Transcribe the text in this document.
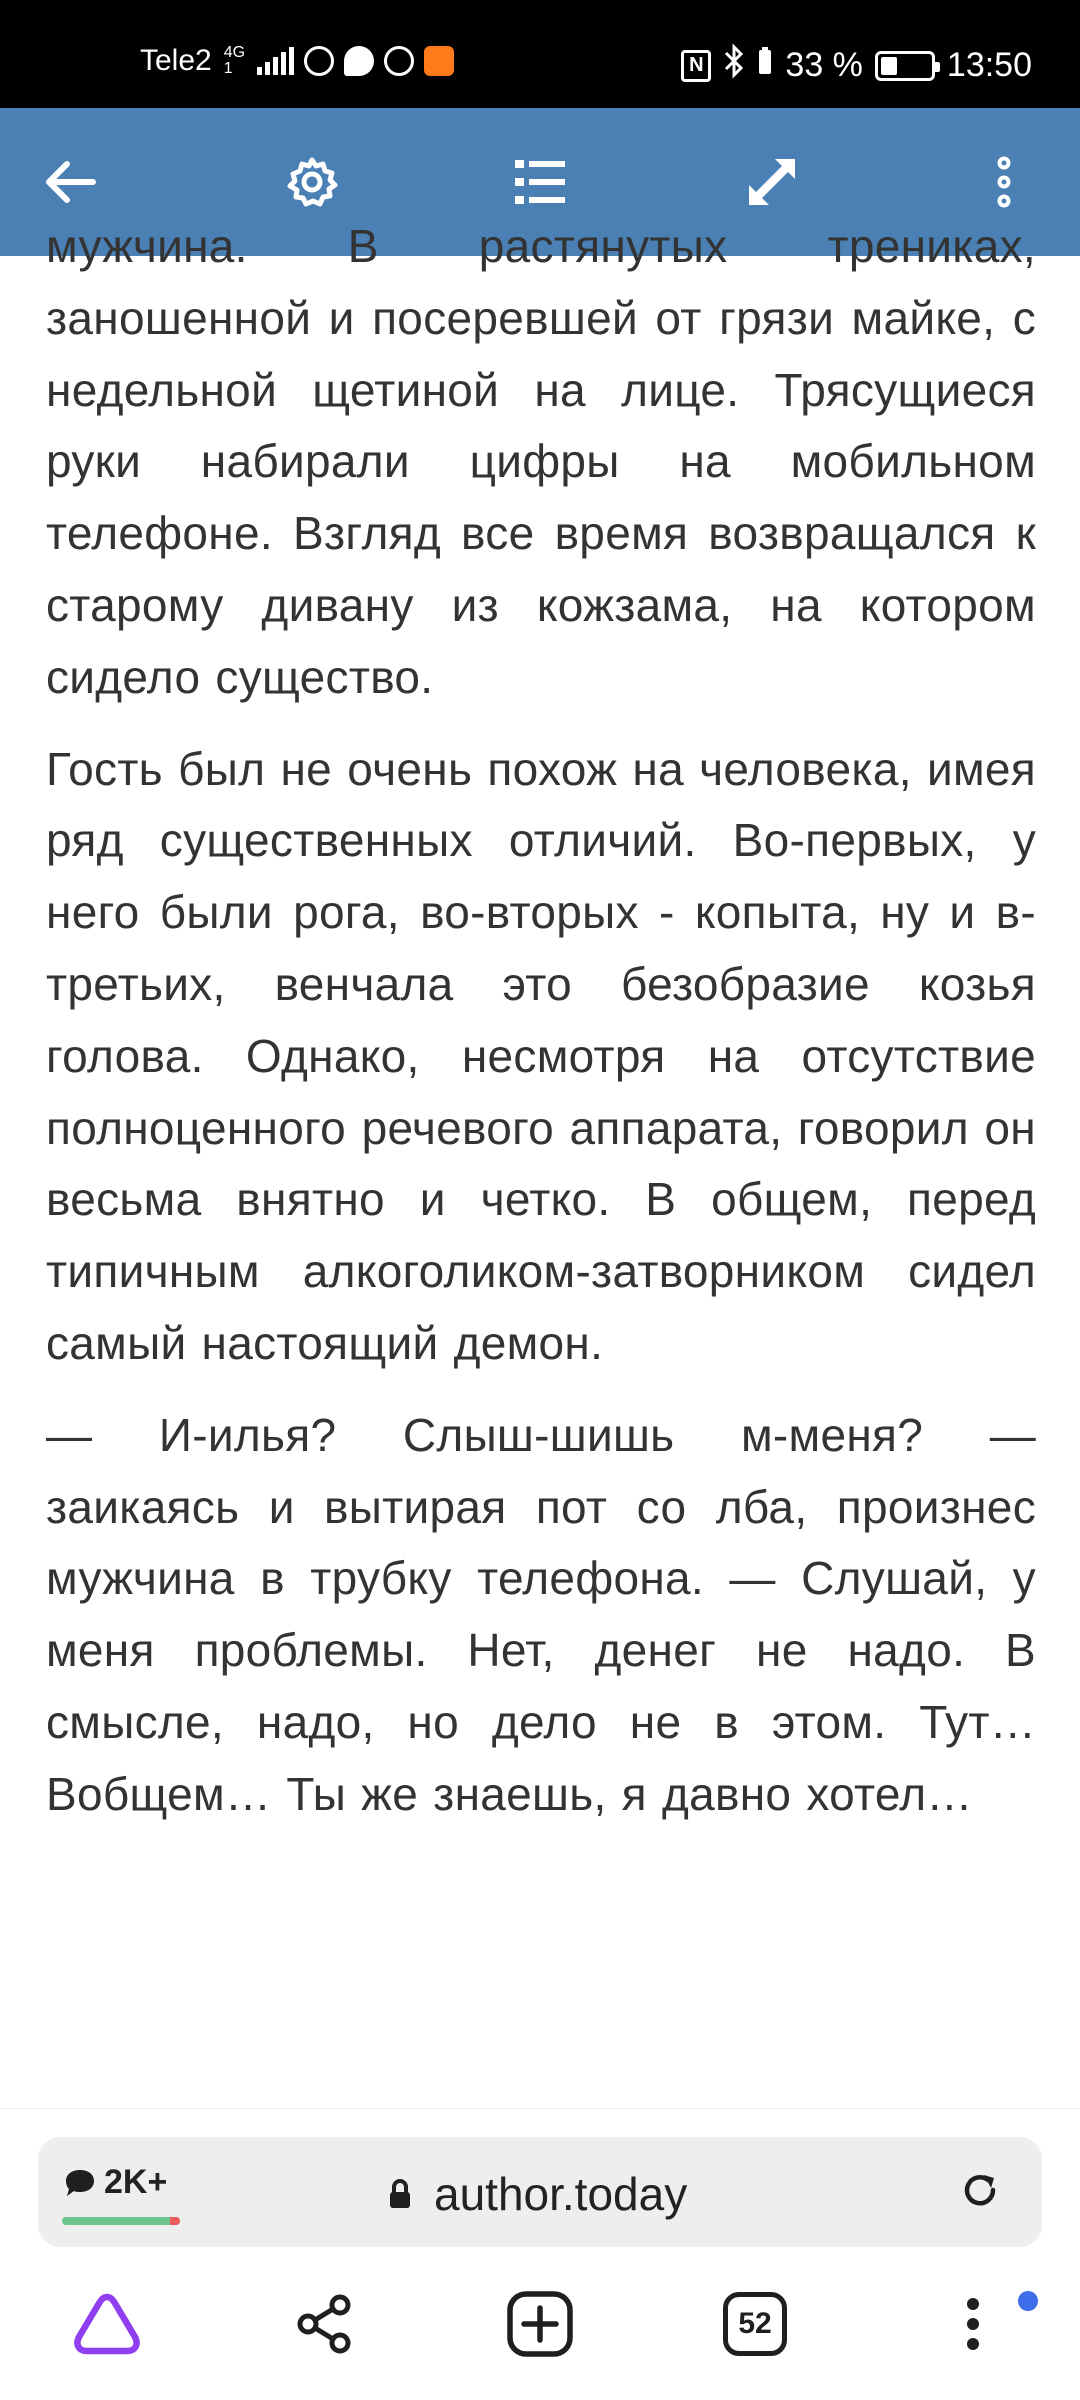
Tele2 4G
1	N 33 % 13:50

мужчина. В растянутых трениках, заношенной и посеревшей от грязи майке, с недельной щетиной на лице. Трясущиеся руки набирали цифры на мобильном телефоне. Взгляд все время возвращался к старому дивану из кожзама, на котором сидело существо.

Гость был не очень похож на человека, имея ряд существенных отличий. Во-первых, у него были рога, во-вторых - копыта, ну и в-третьих, венчала это безобразие козья голова. Однако, несмотря на отсутствие полноценного речевого аппарата, говорил он весьма внятно и четко. В общем, перед типичным алкоголиком-затворником сидел самый настоящий демон.

— И-илья? Слыш-шишь м-меня? — заикаясь и вытирая пот со лба, произнес мужчина в трубку телефона. — Слушай, у меня проблемы. Нет, денег не надо. В смысле, надо, но дело не в этом. Тут… Вобщем… Ты же знаешь, я давно хотел…

2K+	author.today
52
